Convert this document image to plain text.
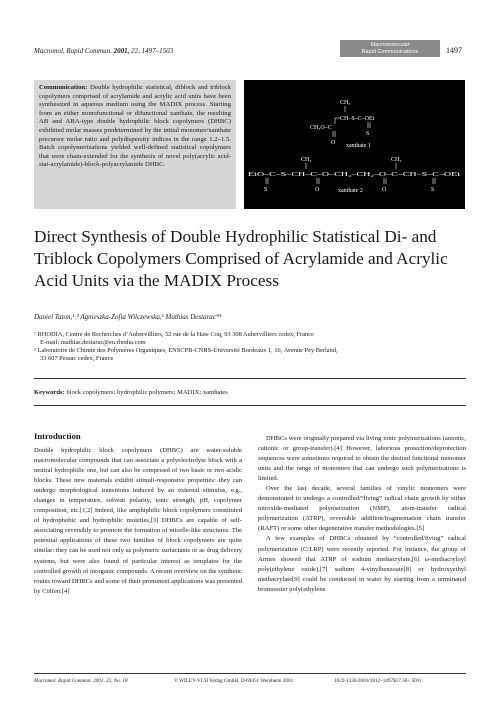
Macromol. Rapid Commun. 2001, 22, 1497–1503
Macromolecular
Rapid Communications	1497
Communication: Double hydrophilic statistical, diblock and triblock copolymers comprised of acrylamide and acrylic acid units have been synthesized in aqueous medium using the MADIX process. Starting from an either monofunctional or difunctional xanthate, the resulting AB and ABA-type double hydrophilic block copolymers (DHBC) exhibited molar masses predetermined by the initial monomer/xanthate precursor molar ratio and polydispersity indices in the range 1.2–1.5. Batch copolymerizations yielded well-defined statistical copolymers that were chain-extended for the synthesis of novel poly(acrylic acid-stat-acrylamide)-block-polyacrylamide DHBC.
CH₃
CH–S–C–OEt
S
CH₃O–C
O xanthate 1
CH₃	CH₃
EtO–C–S–CH–C–O–CH₂–CH₂–O–C–CH–S–C–OEt
S	O	O	S
xanthate 2
Direct Synthesis of Double Hydrophilic Statistical Di- and Triblock Copolymers Comprised of Acrylamide and Acrylic Acid Units via the MADIX Process
Daniel Taton,¹˒² Agnieszka-Zofia Wilczewska,¹ Mathias Destarac*¹
¹ RHODIA, Centre de Recherches d’Aubervilliers, 52 rue de la Haie Coq, 93 308 Aubervilliers cedex, France
E-mail: mathias.destarac@eu.rhodia.com
² Laboratoire de Chimie des Polymères Organiques, ENSCPB-CNRS-Université Bordeaux 1, 16, Avenue Pey Berland,
33 607 Pessac cedex, France
Keywords: block copolymers; hydrophilic polymers; MADIX; xanthates
Introduction

Double hydrophilic block copolymers (DHBC) are water-soluble macromolecular compounds that can associate a polyelectrolyte block with a neutral hydrophilic one, but can also be comprised of two basic or two acidic blocks. These new materials exhibit stimuli-responsive properties: they can undergo morphological transitions induced by an external stimulus, e.g., changes in temperature, solvent polarity, ionic strength, pH, copolymer composition, etc.[1,2] Indeed, like amphiphilic block copolymers constituted of hydrophobic and hydrophilic moieties,[3] DHBCs are capable of self-associating reversibly to promote the formation of micelle-like structures. The potential applications of these two families of block copolymers are quite similar: they can be used not only as polymeric surfactants or as drug delivery systems, but were also found of particular interest as templates for the controlled growth of inorganic compounds. A recent overview on the synthetic routes toward DHBCs and some of their prominent applications was presented by Cölfen.[4]

DHBCs were originally prepared via living ionic polymerizations (anionic, cationic or group-transfer).[4] However, laborious protection/deprotection sequences were sometimes required to obtain the desired functional monomer units and the range of monomers that can undergo such polymerizations is limited.

Over the last decade, several families of vinylic monomers were demonstrated to undergo a controlled/“living” radical chain growth by either nitroxide-mediated polymerization (NMP), atom-transfer radical polymerization (ATRP), reversible addition/fragmentation chain transfer (RAFT) or some other degenerative transfer methodologies.[5]

A few examples of DHBCs obtained by “controlled/living” radical polymerization (C/LRP) were recently reported. For instance, the group of Armes showed that ATRP of sodium methacrylate,[6] ω-methacryloyl poly(ethylene oxide),[7] sodium 4-vinylbenzoate[8] or hydroxyethyl methacrylate[9] could be conducted in water by starting from a terminated bromoester poly(ethylene

Macromol. Rapid Commun. 2001, 22, No. 18	© WILEY-VCH Verlag GmbH, D-69451 Weinheim 2001	1022-1336/2001/1812–1497$17.50+.50/0
